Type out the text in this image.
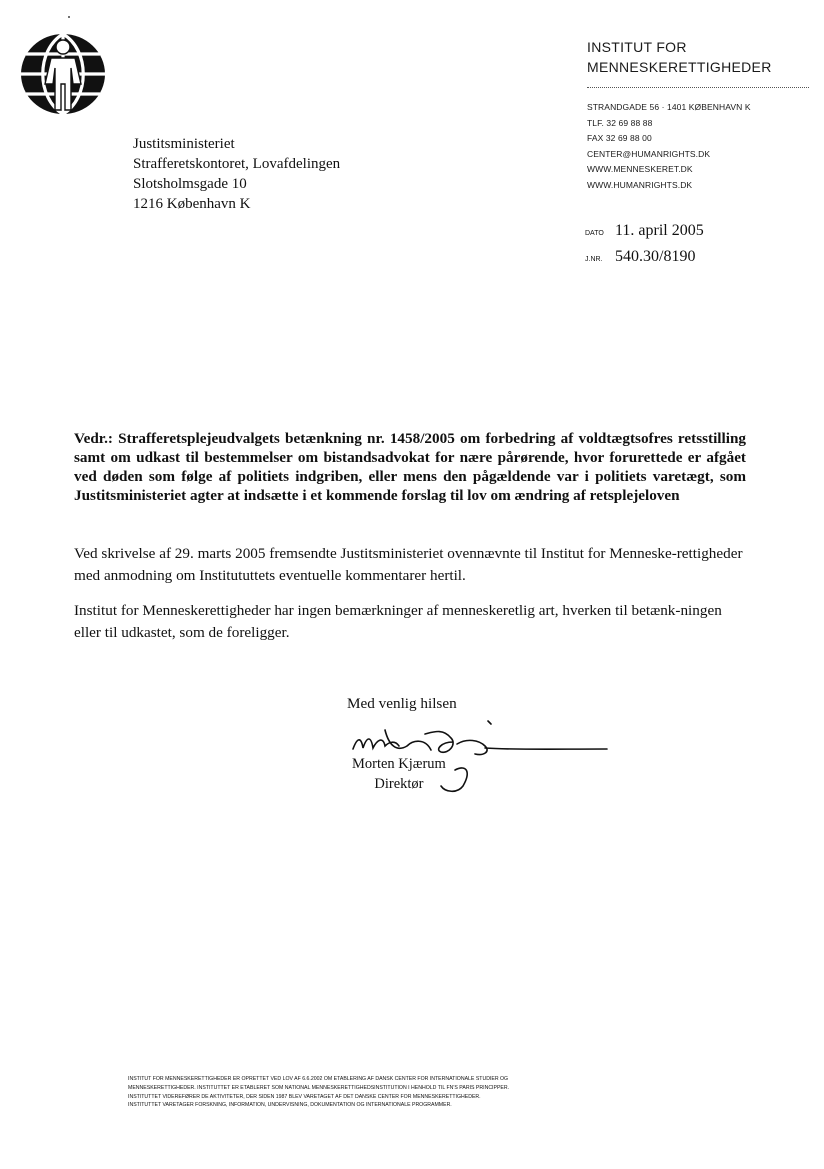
INSTITUT FOR
MENNESKERETTIGHEDER
STRANDGADE 56 · 1401 KØBENHAVN K
TLF. 32 69 88 88
FAX 32 69 88 00
CENTER@HUMANRIGHTS.DK
WWW.MENNESKERET.DK
WWW.HUMANRIGHTS.DK
Justitsministeriet
Strafferetskontoret, Lovafdelingen
Slotsholmsgade 10
1216 København K
DATO 11. april 2005
J.NR. 540.30/8190
Vedr.: Strafferetsplejeudvalgets betænkning nr. 1458/2005 om forbedring af voldtægtsofres retsstilling samt om udkast til bestemmelser om bistandsadvokat for nære pårørende, hvor forurettede er afgået ved døden som følge af politiets indgriben, eller mens den pågældende var i politiets varetægt, som Justitsministeriet agter at indsætte i et kommende forslag til lov om ændring af retsplejeloven
Ved skrivelse af 29. marts 2005 fremsendte Justitsministeriet ovennævnte til Institut for Menneske-rettigheder med anmodning om Institututtets eventuelle kommentarer hertil.
Institut for Menneskerettigheder har ingen bemærkninger af menneskeretlig art, hverken til betænk-ningen eller til udkastet, som de foreligger.
Med venlig hilsen
Morten Kjærum
Direktør
INSTITUT FOR MENNESKERETTIGHEDER ER OPRETTET VED LOV AF 6.6.2002 OM ETABLERING AF DANSK CENTER FOR INTERNATIONALE STUDIER OG
MENNESKERETTIGHEDER. INSTITUTTET ER ETABLERET SOM NATIONAL MENNESKERETTIGHEDSINSTITUTION I HENHOLD TIL FN'S PARIS PRINCIPPER.
INSTITUTTET VIDEREFØRER DE AKTIVITETER, DER SIDEN 1987 BLEV VARETAGET AF DET DANSKE CENTER FOR MENNESKERETTIGHEDER.
INSTITUTTET VARETAGER FORSKNING, INFORMATION, UNDERVISNING, DOKUMENTATION OG INTERNATIONALE PROGRAMMER.
